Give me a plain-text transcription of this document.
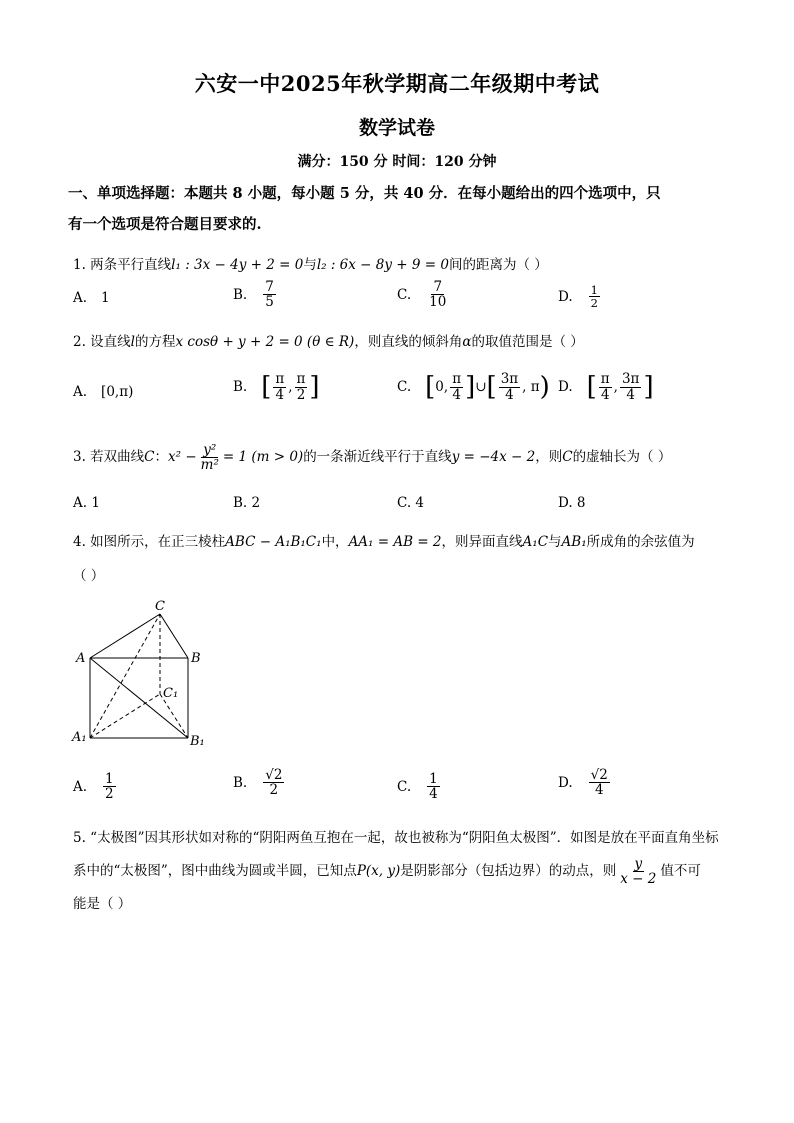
六安一中2025年秋学期高二年级期中考试
数学试卷
满分：150 分 时间：120 分钟
一、单项选择题：本题共 8 小题，每小题 5 分，共 40 分．在每小题给出的四个选项中，只
有一个选项是符合题目要求的.
1. 两条平行直线l₁ : 3x − 4y + 2 = 0与l₂ : 6x − 8y + 9 = 0间的距离为（ ）
A. 1	B. $\frac{7}{5}$	C. $\frac{7}{10}$	D. $\frac{1}{2}$
2. 设直线l的方程x cosθ + y + 2 = 0 (θ ∈ R)，则直线的倾斜角α的取值范围是（ ）
A. [0,π)	B. [ $\frac{\pi}{4}$ , $\frac{\pi}{2}$ ]	C. [ 0, $\frac{\pi}{4}$ ] ∪ [ $\frac{3\pi}{4}$ , π ) D. [ $\frac{\pi}{4}$ , $\frac{3\pi}{4}$ ]
3. 若双曲线C：$x^2 - \frac{\text{y²}}{\text{m²}} = 1$ (m > 0)的一条渐近线平行于直线y = −4x − 2，则C的虚轴长为（ ）
A. 1	B. 2	C. 4	D. 8
4. 如图所示，在正三棱柱ABC − A₁B₁C₁中，AA₁ = AB = 2，则异面直线A₁C与AB₁所成角的余弦值为
（ ）
C
A	B
C₁
A₁	B₁
A. $\frac{1}{2}$	B. $\frac{√2}{2}$	C. $\frac{1}{4}$	D. $\frac{√2}{4}$
5. “太极图”因其形状如对称的“阴阳两鱼互抱在一起，故也被称为“阴阳鱼太极图”．如图是放在平面直角坐标
系中的“太极图”，图中曲线为圆或半圆，已知点P(x, y)是阴影部分（包括边界）的动点，则 $\frac{y}{x - 2}$ 值不可
能是（ ）
